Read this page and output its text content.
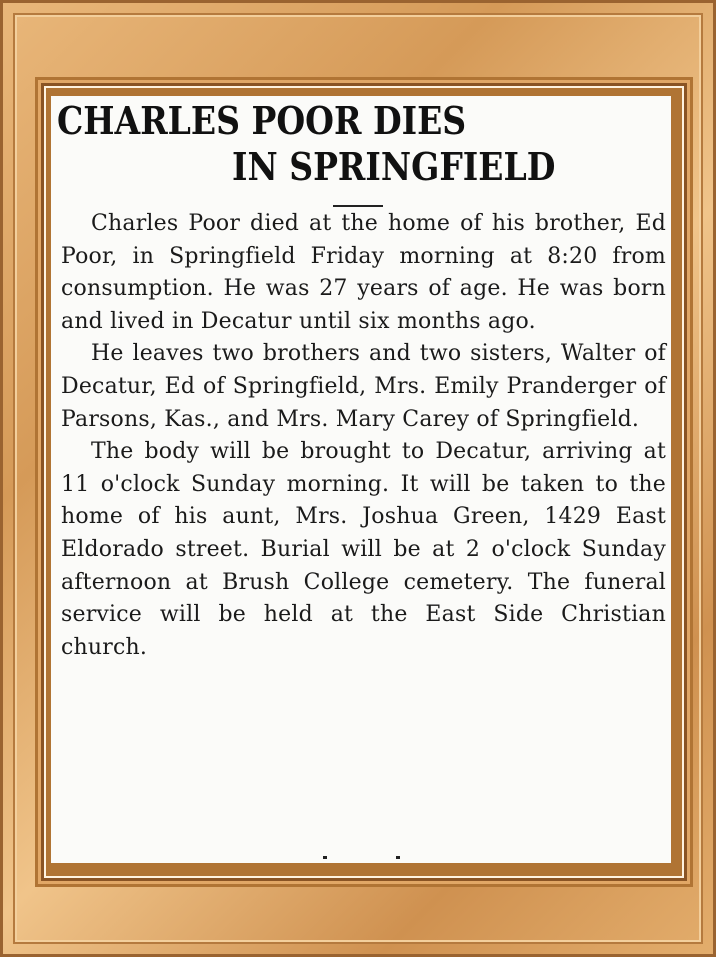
CHARLES POOR DIES
IN SPRINGFIELD

Charles Poor died at the home of his brother, Ed Poor, in Springfield Friday morning at 8:20 from consumption. He was 27 years of age. He was born and lived in Decatur until six months ago.

He leaves two brothers and two sisters, Walter of Decatur, Ed of Springfield, Mrs. Emily Pranderger of Parsons, Kas., and Mrs. Mary Carey of Springfield.

The body will be brought to Decatur, arriving at 11 o'clock Sunday morning. It will be taken to the home of his aunt, Mrs. Joshua Green, 1429 East Eldorado street. Burial will be at 2 o'clock Sunday afternoon at Brush College cemetery. The funeral service will be held at the East Side Christian church.
